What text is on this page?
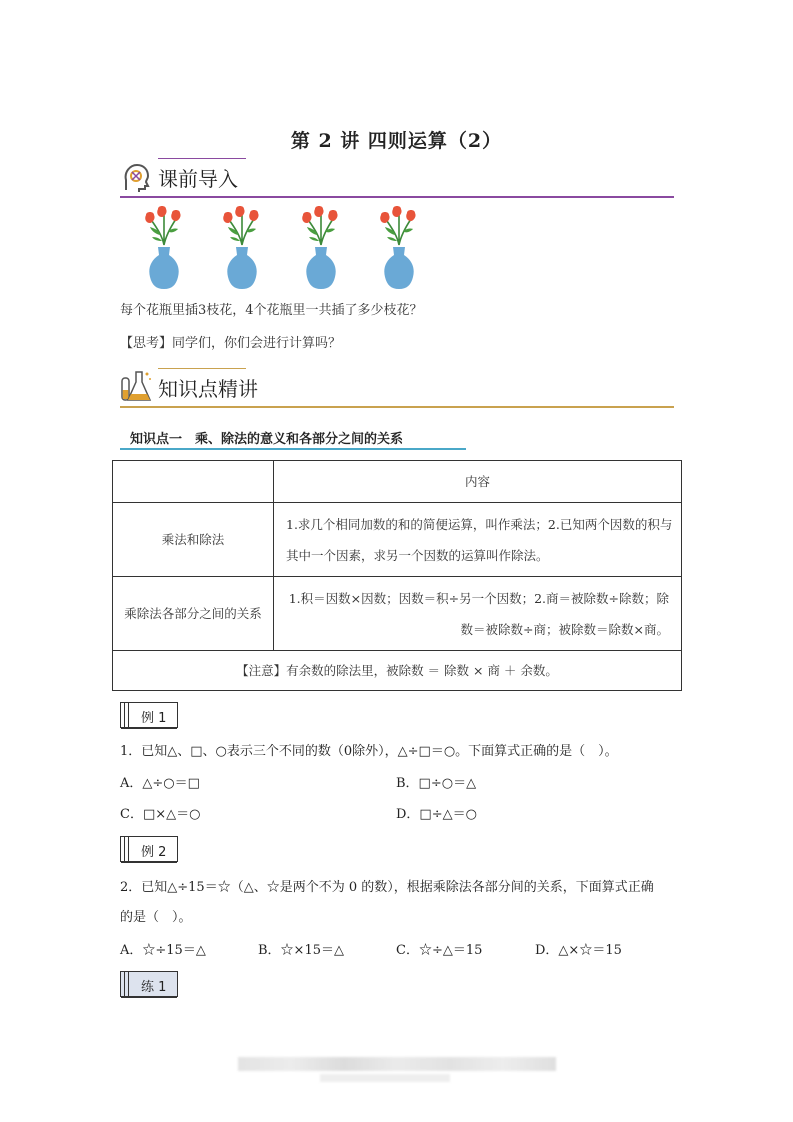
第 2 讲 四则运算（2）
课前导入
每个花瓶里插3枝花，4个花瓶里一共插了多少枝花？
【思考】同学们，你们会进行计算吗？
知识点精讲
知识点一　乘、除法的意义和各部分之间的关系
	内容
乘法和除法	1.求几个相同加数的和的简便运算，叫作乘法；2.已知两个因数的积与其中一个因素，求另一个因数的运算叫作除法。
乘除法各部分之间的关系	1.积＝因数×因数；因数＝积÷另一个因数；2.商＝被除数÷除数；除数＝被除数÷商；被除数＝除数×商。
【注意】有余数的除法里，被除数 ＝ 除数 × 商 ＋ 余数。	
例 1
1．已知△、□、○表示三个不同的数（0除外），△÷□＝○。下面算式正确的是（　）。
A．△÷○＝□	B．□÷○＝△
C．□×△＝○	D．□÷△＝○
例 2
2．已知△÷15＝☆（△、☆是两个不为 0 的数），根据乘除法各部分间的关系，下面算式正确
的是（　）。
A．☆÷15＝△	B．☆×15＝△	C．☆÷△＝15	D．△×☆＝15
练 1
